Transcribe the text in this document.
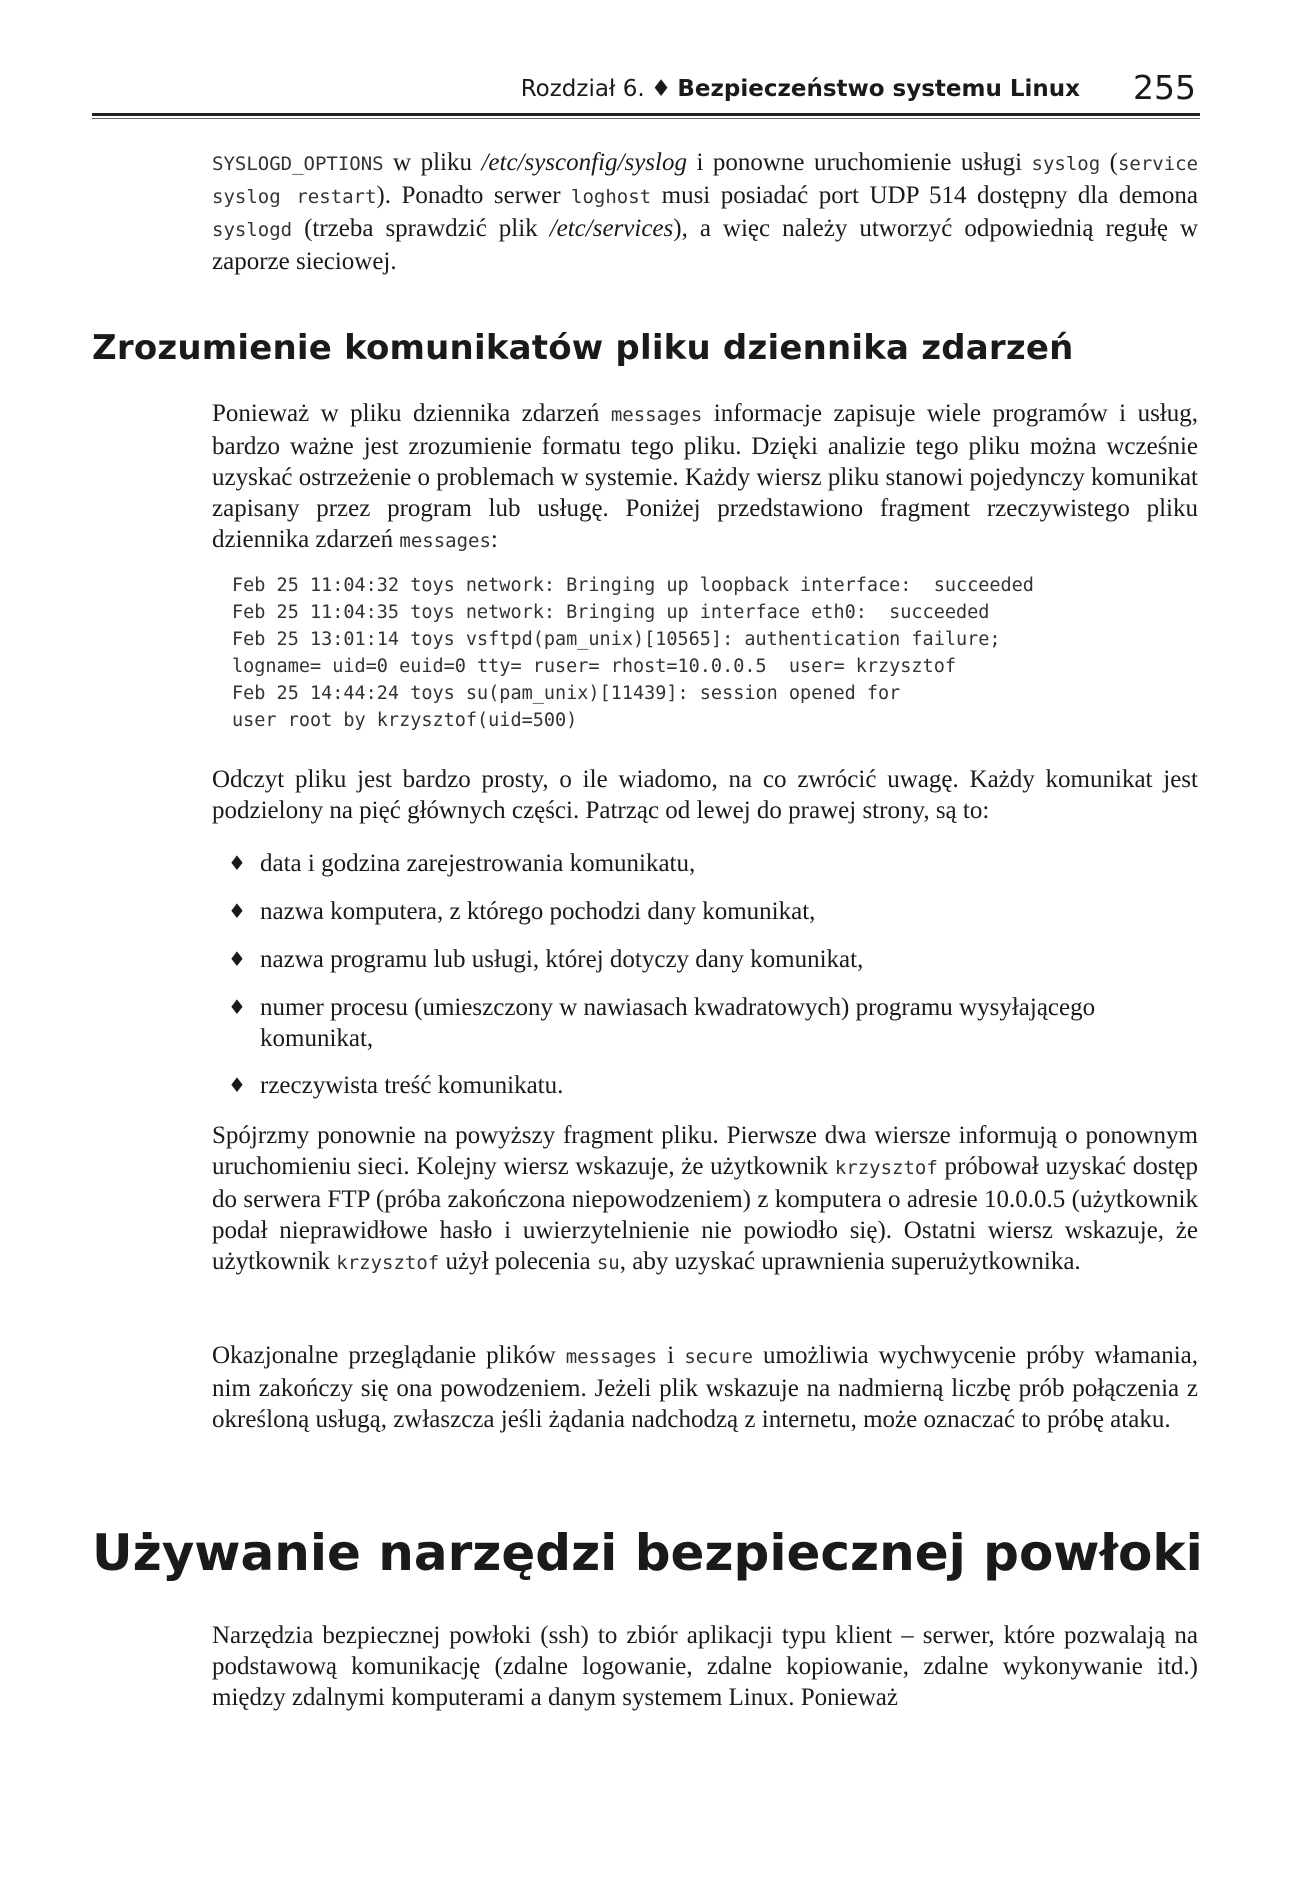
Rozdział 6. ♦ Bezpieczeństwo systemu Linux 255

SYSLOGD_OPTIONS w pliku /etc/sysconfig/syslog i ponowne uruchomienie usługi syslog (service syslog restart). Ponadto serwer loghost musi posiadać port UDP 514 dostępny dla demona syslogd (trzeba sprawdzić plik /etc/services), a więc należy utworzyć odpowiednią regułę w zaporze sieciowej.

Zrozumienie komunikatów pliku dziennika zdarzeń

Ponieważ w pliku dziennika zdarzeń messages informacje zapisuje wiele programów i usług, bardzo ważne jest zrozumienie formatu tego pliku. Dzięki analizie tego pliku można wcześnie uzyskać ostrzeżenie o problemach w systemie. Każdy wiersz pliku stanowi pojedynczy komunikat zapisany przez program lub usługę. Poniżej przedstawiono fragment rzeczywistego pliku dziennika zdarzeń messages:

Feb 25 11:04:32 toys network: Bringing up loopback interface:  succeeded
Feb 25 11:04:35 toys network: Bringing up interface eth0:  succeeded
Feb 25 13:01:14 toys vsftpd(pam_unix)[10565]: authentication failure;
logname= uid=0 euid=0 tty= ruser= rhost=10.0.0.5  user= krzysztof
Feb 25 14:44:24 toys su(pam_unix)[11439]: session opened for
user root by krzysztof(uid=500)

Odczyt pliku jest bardzo prosty, o ile wiadomo, na co zwrócić uwagę. Każdy komunikat jest podzielony na pięć głównych części. Patrząc od lewej do prawej strony, są to:

♦ data i godzina zarejestrowania komunikatu,
♦ nazwa komputera, z którego pochodzi dany komunikat,
♦ nazwa programu lub usługi, której dotyczy dany komunikat,
♦ numer procesu (umieszczony w nawiasach kwadratowych) programu wysyłającego komunikat,
♦ rzeczywista treść komunikatu.

Spójrzmy ponownie na powyższy fragment pliku. Pierwsze dwa wiersze informują o ponownym uruchomieniu sieci. Kolejny wiersz wskazuje, że użytkownik krzysztof próbował uzyskać dostęp do serwera FTP (próba zakończona niepowodzeniem) z komputera o adresie 10.0.0.5 (użytkownik podał nieprawidłowe hasło i uwierzytelnienie nie powiodło się). Ostatni wiersz wskazuje, że użytkownik krzysztof użył polecenia su, aby uzyskać uprawnienia superużytkownika.

Okazjonalne przeglądanie plików messages i secure umożliwia wychwycenie próby włamania, nim zakończy się ona powodzeniem. Jeżeli plik wskazuje na nadmierną liczbę prób połączenia z określoną usługą, zwłaszcza jeśli żądania nadchodzą z internetu, może oznaczać to próbę ataku.

Używanie narzędzi bezpiecznej powłoki

Narzędzia bezpiecznej powłoki (ssh) to zbiór aplikacji typu klient – serwer, które pozwalają na podstawową komunikację (zdalne logowanie, zdalne kopiowanie, zdalne wykonywanie itd.) między zdalnymi komputerami a danym systemem Linux. Ponieważ
